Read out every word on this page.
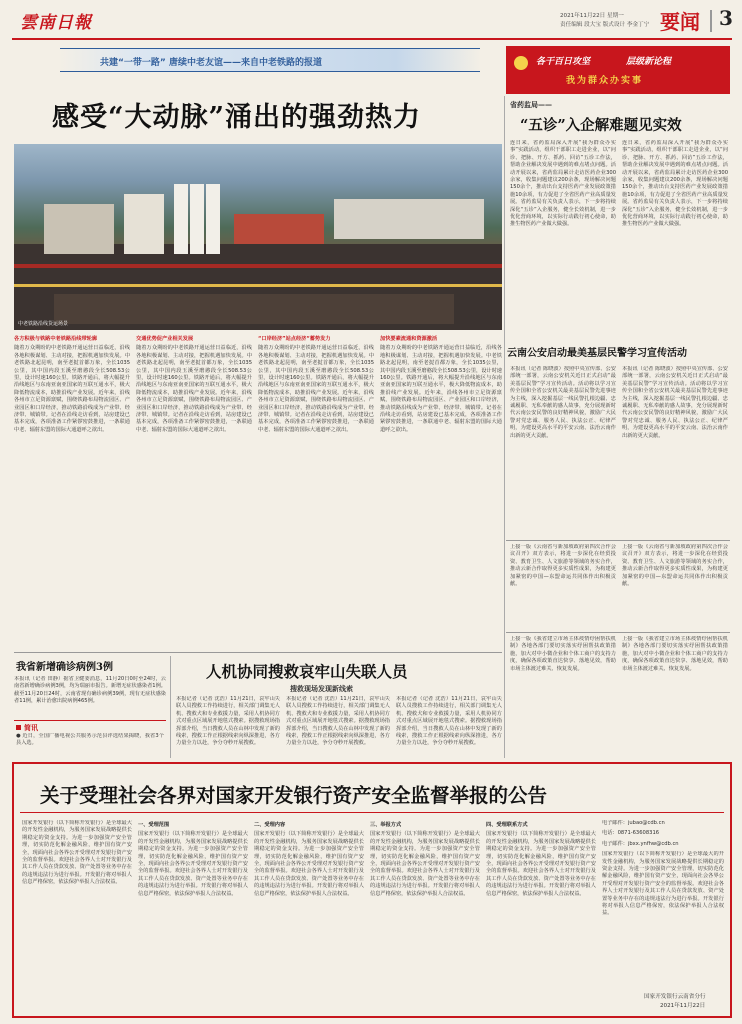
雲南日報	2021年11月22日 星期一
责任编辑 段大宝 版式设计 李金丁宁 要闻 3
共建“一带一路” 唐续中老友谊——来自中老铁路的报道
感受“大动脉”涌出的强劲热力
中老铁路沿线货运场景
各方积极与铁路中老铁路沿线带轮廓
随着万众期盼的中老铁路开通运营日益临近，沿线各地积极谋划、主动对接，把握机遇加快发展。中老铁路北起昆明，南至老挝首都万象，全长1035公里，其中国内段玉溪至磨憨段全长508.53公里，设计时速160公里。铁路开通后，将大幅提升沿线地区与东南亚南亚国家的互联互通水平，极大降低物流成本，助推沿线产业发展。近年来，沿线各州市立足资源禀赋，围绕铁路布局物流园区、产业园区和口岸经济，推动铁路沿线成为产业带、经济带、城镇带。记者在沿线走访看到，站房建设已基本完成，各项准备工作紧锣密鼓推进，一条联通中老、辐射东盟的国际大通道呼之欲出。
交通优势促产业相关发展
随着万众期盼的中老铁路开通运营日益临近，沿线各地积极谋划、主动对接，把握机遇加快发展。中老铁路北起昆明，南至老挝首都万象，全长1035公里，其中国内段玉溪至磨憨段全长508.53公里，设计时速160公里。铁路开通后，将大幅提升沿线地区与东南亚南亚国家的互联互通水平，极大降低物流成本，助推沿线产业发展。近年来，沿线各州市立足资源禀赋，围绕铁路布局物流园区、产业园区和口岸经济，推动铁路沿线成为产业带、经济带、城镇带。记者在沿线走访看到，站房建设已基本完成，各项准备工作紧锣密鼓推进，一条联通中老、辐射东盟的国际大通道呼之欲出。
“口岸经济”站点经济“蓄势发力
随着万众期盼的中老铁路开通运营日益临近，沿线各地积极谋划、主动对接，把握机遇加快发展。中老铁路北起昆明，南至老挝首都万象，全长1035公里，其中国内段玉溪至磨憨段全长508.53公里，设计时速160公里。铁路开通后，将大幅提升沿线地区与东南亚南亚国家的互联互通水平，极大降低物流成本，助推沿线产业发展。近年来，沿线各州市立足资源禀赋，围绕铁路布局物流园区、产业园区和口岸经济，推动铁路沿线成为产业带、经济带、城镇带。记者在沿线走访看到，站房建设已基本完成，各项准备工作紧锣密鼓推进，一条联通中老、辐射东盟的国际大通道呼之欲出。
加快要素流通和资源激活
随着万众期盼的中老铁路开通运营日益临近，沿线各地积极谋划、主动对接，把握机遇加快发展。中老铁路北起昆明，南至老挝首都万象，全长1035公里，其中国内段玉溪至磨憨段全长508.53公里，设计时速160公里。铁路开通后，将大幅提升沿线地区与东南亚南亚国家的互联互通水平，极大降低物流成本，助推沿线产业发展。近年来，沿线各州市立足资源禀赋，围绕铁路布局物流园区、产业园区和口岸经济，推动铁路沿线成为产业带、经济带、城镇带。记者在沿线走访看到，站房建设已基本完成，各项准备工作紧锣密鼓推进，一条联通中老、辐射东盟的国际大通道呼之欲出。
各干百日攻坚	层级新论程
我为群众办实事
省药监局——
“五诊”入企解难题见实效
连日来，省药监局深入开展“我为群众办实事”实践活动，组织干部职工走进企业，以“问诊、把脉、开方、抓药、回访”五诊工作法，帮助企业解决发展中遇到的难点堵点问题。活动开展以来，省药监局累计走访医药企业300余家，收集问题建议200余条，现场解决问题150余个，推动出台支持医药产业发展政策措施10余项，有力促进了全省医药产业高质量发展。省药监局有关负责人表示，下一步将持续深化“五诊”入企服务，健全长效机制，进一步优化营商环境，以实际行动践行初心使命，助推生物医药产业做大做强。
连日来，省药监局深入开展“我为群众办实事”实践活动，组织干部职工走进企业，以“问诊、把脉、开方、抓药、回访”五诊工作法，帮助企业解决发展中遇到的难点堵点问题。活动开展以来，省药监局累计走访医药企业300余家，收集问题建议200余条，现场解决问题150余个，推动出台支持医药产业发展政策措施10余项，有力促进了全省医药产业高质量发展。省药监局有关负责人表示，下一步将持续深化“五诊”入企服务，健全长效机制，进一步优化营商环境，以实际行动践行初心使命，助推生物医药产业做大做强。
云南公安启动最美基层民警学习宣传活动
本报讯（记者 陈晓波）按照中央宣传部、公安部统一部署，云南公安机关近日正式启动“最美基层民警”学习宣传活动。活动将以学习宣传全国和全省公安机关最美基层民警先进事迹为主线，深入挖掘基层一线民警扎根边疆、忠诚履职、无私奉献的感人故事，充分展现新时代云南公安民警的良好精神风貌，激励广大民警对党忠诚、服务人民、执法公正、纪律严明，为建设更高水平的平安云南、法治云南作出新的更大贡献。
本报讯（记者 陈晓波）按照中央宣传部、公安部统一部署，云南公安机关近日正式启动“最美基层民警”学习宣传活动。活动将以学习宣传全国和全省公安机关最美基层民警先进事迹为主线，深入挖掘基层一线民警扎根边疆、忠诚履职、无私奉献的感人故事，充分展现新时代云南公安民警的良好精神风貌，激励广大民警对党忠诚、服务人民、执法公正、纪律严明，为建设更高水平的平安云南、法治云南作出新的更大贡献。
上接一版《云南省与新加坡政府第四次合作会议召开》双方表示，将进一步深化在经贸投资、教育卫生、人文旅游等领域的务实合作，推动云新合作取得更多实质性成果，为构建更加紧密的中国—东盟命运共同体作出积极贡献。
上接一版《云南省与新加坡政府第四次合作会议召开》双方表示，将进一步深化在经贸投资、教育卫生、人文旅游等领域的务实合作，推动云新合作取得更多实质性成果，为构建更加紧密的中国—东盟命运共同体作出积极贡献。
上接一版《我省建立市场主体疫情纾困帮扶机制》各地各部门要切实落实纾困帮扶政策措施，加大对中小微企业和个体工商户的支持力度，确保各项政策直达快享、落地见效，帮助市场主体渡过难关、恢复发展。
上接一版《我省建立市场主体疫情纾困帮扶机制》各地各部门要切实落实纾困帮扶政策措施，加大对中小微企业和个体工商户的支持力度，确保各项政策直达快享、落地见效，帮助市场主体渡过难关、恢复发展。
我省新增确诊病例3例
本报讯（记者 田静）据省卫健委消息，11月20日0时至24时，云南省新增确诊病例3例，均为瑞丽市报告。新增无症状感染者1例。截至11月20日24时，云南省现有确诊病例39例，现有无症状感染者11例，累计治愈出院病例465例。
简讯
● 近日，全国广播电视公共服务示范县评选结果揭晓，我省3个县入选。
人机协同搜救哀牢山失联人员
搜救现场发现新线索
本报记者（记者 沈浩）11月21日，哀牢山失联人员搜救工作持续进行，相关部门调集无人机、搜救犬和专业救援力量，采用人机协同方式对重点区域展开地毯式搜索。据搜救现场指挥部介绍，当日搜救人员在山林中发现了新的线索，搜救工作正根据线索向纵深推进，各方力量全力以赴，争分夺秒开展搜救。
本报记者（记者 沈浩）11月21日，哀牢山失联人员搜救工作持续进行，相关部门调集无人机、搜救犬和专业救援力量，采用人机协同方式对重点区域展开地毯式搜索。据搜救现场指挥部介绍，当日搜救人员在山林中发现了新的线索，搜救工作正根据线索向纵深推进，各方力量全力以赴，争分夺秒开展搜救。
本报记者（记者 沈浩）11月21日，哀牢山失联人员搜救工作持续进行，相关部门调集无人机、搜救犬和专业救援力量，采用人机协同方式对重点区域展开地毯式搜索。据搜救现场指挥部介绍，当日搜救人员在山林中发现了新的线索，搜救工作正根据线索向纵深推进，各方力量全力以赴，争分夺秒开展搜救。
关于受理社会各界对国家开发银行资产安全监督举报的公告
国家开发银行（以下简称开发银行）是全球最大的开发性金融机构，为服务国家发展战略提供长期稳定的资金支持。为进一步加强资产安全管理，切实防范化解金融风险，维护国有资产安全，现面向社会各界公开受理对开发银行资产安全的监督举报。欢迎社会各界人士对开发银行及其工作人员在贷款发放、资产处置等业务中存在的违规违法行为进行举报。开发银行将对举报人信息严格保密，依法保护举报人合法权益。
一、受理范围
国家开发银行（以下简称开发银行）是全球最大的开发性金融机构，为服务国家发展战略提供长期稳定的资金支持。为进一步加强资产安全管理，切实防范化解金融风险，维护国有资产安全，现面向社会各界公开受理对开发银行资产安全的监督举报。欢迎社会各界人士对开发银行及其工作人员在贷款发放、资产处置等业务中存在的违规违法行为进行举报。开发银行将对举报人信息严格保密，依法保护举报人合法权益。
二、受理内容
国家开发银行（以下简称开发银行）是全球最大的开发性金融机构，为服务国家发展战略提供长期稳定的资金支持。为进一步加强资产安全管理，切实防范化解金融风险，维护国有资产安全，现面向社会各界公开受理对开发银行资产安全的监督举报。欢迎社会各界人士对开发银行及其工作人员在贷款发放、资产处置等业务中存在的违规违法行为进行举报。开发银行将对举报人信息严格保密，依法保护举报人合法权益。
三、举报方式
国家开发银行（以下简称开发银行）是全球最大的开发性金融机构，为服务国家发展战略提供长期稳定的资金支持。为进一步加强资产安全管理，切实防范化解金融风险，维护国有资产安全，现面向社会各界公开受理对开发银行资产安全的监督举报。欢迎社会各界人士对开发银行及其工作人员在贷款发放、资产处置等业务中存在的违规违法行为进行举报。开发银行将对举报人信息严格保密，依法保护举报人合法权益。
四、受理联系方式
国家开发银行（以下简称开发银行）是全球最大的开发性金融机构，为服务国家发展战略提供长期稳定的资金支持。为进一步加强资产安全管理，切实防范化解金融风险，维护国有资产安全，现面向社会各界公开受理对开发银行资产安全的监督举报。欢迎社会各界人士对开发银行及其工作人员在贷款发放、资产处置等业务中存在的违规违法行为进行举报。开发银行将对举报人信息严格保密，依法保护举报人合法权益。
电子邮件：jubao@cdb.cn
电话：0871-63608316
电子邮件：jbxx.ynfhw@cdb.cn
国家开发银行（以下简称开发银行）是全球最大的开发性金融机构，为服务国家发展战略提供长期稳定的资金支持。为进一步加强资产安全管理，切实防范化解金融风险，维护国有资产安全，现面向社会各界公开受理对开发银行资产安全的监督举报。欢迎社会各界人士对开发银行及其工作人员在贷款发放、资产处置等业务中存在的违规违法行为进行举报。开发银行将对举报人信息严格保密，依法保护举报人合法权益。
国家开发银行云南省分行
2021年11月22日
